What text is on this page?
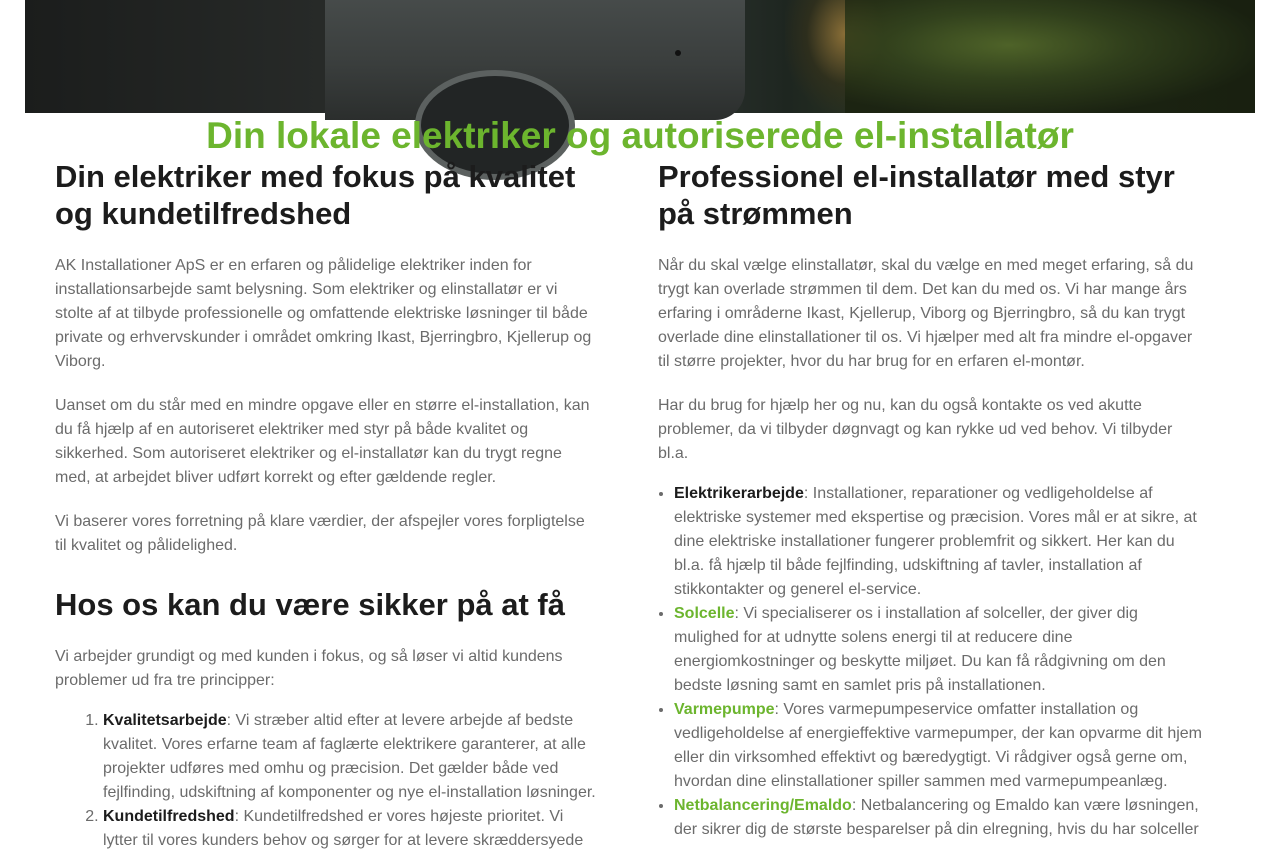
Din lokale elektriker og autoriserede el-installatør
Din elektriker med fokus på kvalitet og kundetilfredshed

AK Installationer ApS er en erfaren og pålidelige elektriker inden for installationsarbejde samt belysning. Som elektriker og elinstallatør er vi stolte af at tilbyde professionelle og omfattende elektriske løsninger til både private og erhvervskunder i området omkring Ikast, Bjerringbro, Kjellerup og Viborg.

Uanset om du står med en mindre opgave eller en større el-installation, kan du få hjælp af en autoriseret elektriker med styr på både kvalitet og sikkerhed. Som autoriseret elektriker og el-installatør kan du trygt regne med, at arbejdet bliver udført korrekt og efter gældende regler.

Vi baserer vores forretning på klare værdier, der afspejler vores forpligtelse til kvalitet og pålidelighed.

Hos os kan du være sikker på at få

Vi arbejder grundigt og med kunden i fokus, og så løser vi altid kundens problemer ud fra tre principper:

1. Kvalitetsarbejde: Vi stræber altid efter at levere arbejde af bedste kvalitet. Vores erfarne team af faglærte elektrikere garanterer, at alle projekter udføres med omhu og præcision. Det gælder både ved fejlfinding, udskiftning af komponenter og nye el-installation løsninger.
2. Kundetilfredshed: Kundetilfredshed er vores højeste prioritet. Vi lytter til vores kunders behov og sørger for at levere skræddersyede
Professionel el-installatør med styr på strømmen

Når du skal vælge elinstallatør, skal du vælge en med meget erfaring, så du trygt kan overlade strømmen til dem. Det kan du med os. Vi har mange års erfaring i områderne Ikast, Kjellerup, Viborg og Bjerringbro, så du kan trygt overlade dine elinstallationer til os. Vi hjælper med alt fra mindre el-opgaver til større projekter, hvor du har brug for en erfaren el-montør.

Har du brug for hjælp her og nu, kan du også kontakte os ved akutte problemer, da vi tilbyder døgnvagt og kan rykke ud ved behov. Vi tilbyder bl.a.

• Elektrikerarbejde: Installationer, reparationer og vedligeholdelse af elektriske systemer med ekspertise og præcision. Vores mål er at sikre, at dine elektriske installationer fungerer problemfrit og sikkert. Her kan du bl.a. få hjælp til både fejlfinding, udskiftning af tavler, installation af stikkontakter og generel el-service.
• Solcelle: Vi specialiserer os i installation af solceller, der giver dig mulighed for at udnytte solens energi til at reducere dine energiomkostninger og beskytte miljøet. Du kan få rådgivning om den bedste løsning samt en samlet pris på installationen.
• Varmepumpe: Vores varmepumpeservice omfatter installation og vedligeholdelse af energieffektive varmepumper, der kan opvarme dit hjem eller din virksomhed effektivt og bæredygtigt. Vi rådgiver også gerne om, hvordan dine elinstallationer spiller sammen med varmepumpeanlæg.
• Netbalancering/Emaldo: Netbalancering og Emaldo kan være løsningen, der sikrer dig de største besparelser på din elregning, hvis du har solceller
